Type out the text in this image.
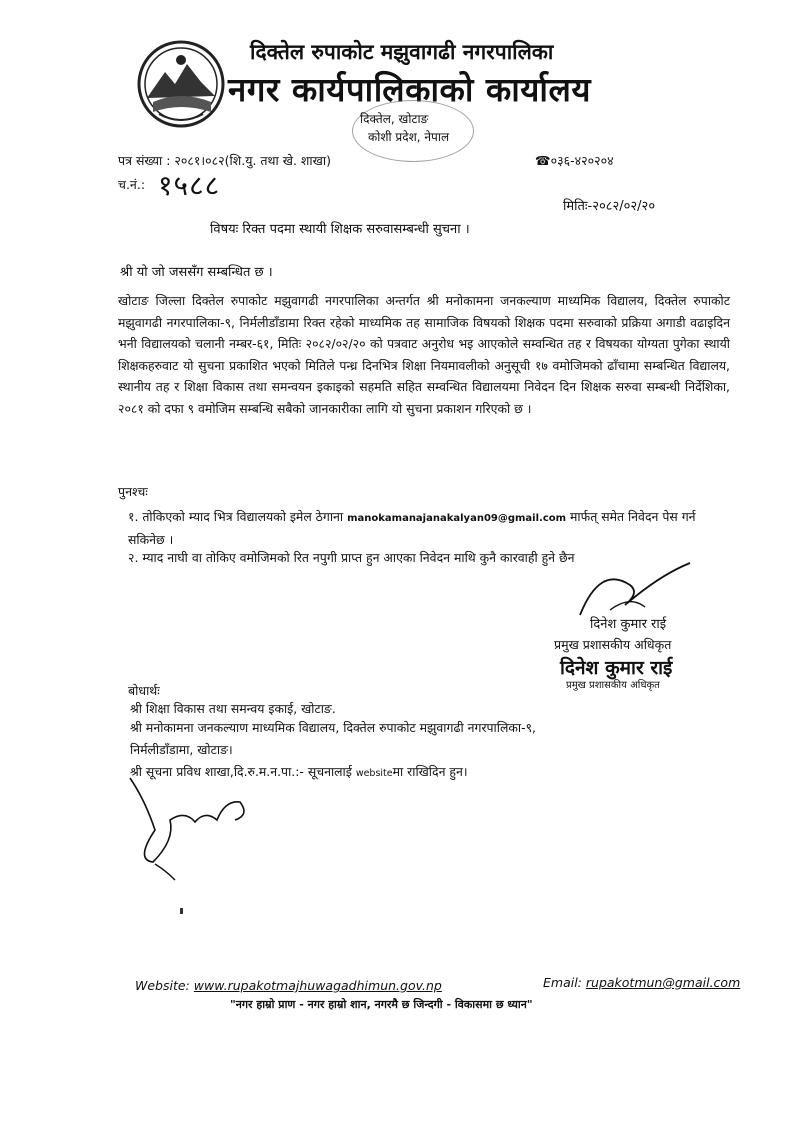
दिक्तेल रुपाकोट मझुवागढी नगरपालिका
नगर कार्यपालिकाको कार्यालय
दिक्तेल, खोटाङ
कोशी प्रदेश, नेपाल
पत्र संख्या : २०८१।०८२(शि.यु. तथा खे. शाखा)	☎०३६-४२०२०४
च.नं.: १५८८
मितिः-२०८२/०२/२०
विषयः रिक्त पदमा स्थायी शिक्षक सरुवासम्बन्धी सुचना ।
श्री यो जो जससँग सम्बन्धित छ ।

खोटाङ जिल्ला दिक्तेल रुपाकोट मझुवागढी नगरपालिका अन्तर्गत श्री मनोकामना जनकल्याण माध्यमिक विद्यालय, दिक्तेल रुपाकोट मझुवागढी नगरपालिका-९, निर्मलीडाँडामा रिक्त रहेको माध्यमिक तह सामाजिक विषयको शिक्षक पदमा सरुवाको प्रक्रिया अगाडी वढाइदिन भनी विद्यालयको चलानी नम्बर-६१, मितिः २०८२/०२/२० को पत्रवाट अनुरोध भइ आएकोले सम्वन्धित तह र विषयका योग्यता पुगेका स्थायी शिक्षकहरुवाट यो सुचना प्रकाशित भएको मितिले पन्ध्र दिनभित्र शिक्षा नियमावलीको अनुसूची १७ वमोजिमको ढाँचामा सम्बन्धित विद्यालय, स्थानीय तह र शिक्षा विकास तथा समन्वयन इकाइको सहमति सहित सम्वन्धित विद्यालयमा निवेदन दिन शिक्षक सरुवा सम्बन्धी निर्देशिका, २०८१ को दफा ९ वमोजिम सम्बन्धि सबैको जानकारीका लागि यो सुचना प्रकाशन गरिएको छ ।

पुनश्चः

१. तोकिएको म्याद भित्र विद्यालयको इमेल ठेगाना manokamanajanakalyan09@gmail.com मार्फत् समेत निवेदन पेस गर्न सकिनेछ ।

२. म्याद नाघी वा तोकिए वमोजिमको रित नपुगी प्राप्त हुन आएका निवेदन माथि कुनै कारवाही हुने छैन

दिनेश कुमार राई
प्रमुख प्रशासकीय अधिकृत
दिनेश कुमार राई
प्रमुख प्रशासकीय अधिकृत
बोधार्थः
श्री शिक्षा विकास तथा समन्वय इकाई, खोटाङ.
श्री मनोकामना जनकल्याण माध्यमिक विद्यालय, दिक्तेल रुपाकोट मझुवागढी नगरपालिका-९,
निर्मलीडाँडामा, खोटाङ।
श्री सूचना प्रविध शाखा,दि.रु.म.न.पा.:- सूचनालाई websiteमा राखिदिन हुन।
Website: www.rupakotmajhuwagadhimun.gov.np	Email: rupakotmun@gmail.com
"नगर हाम्रो प्राण - नगर हाम्रो शान, नगरमै छ जिन्दगी - विकासमा छ ध्यान"
